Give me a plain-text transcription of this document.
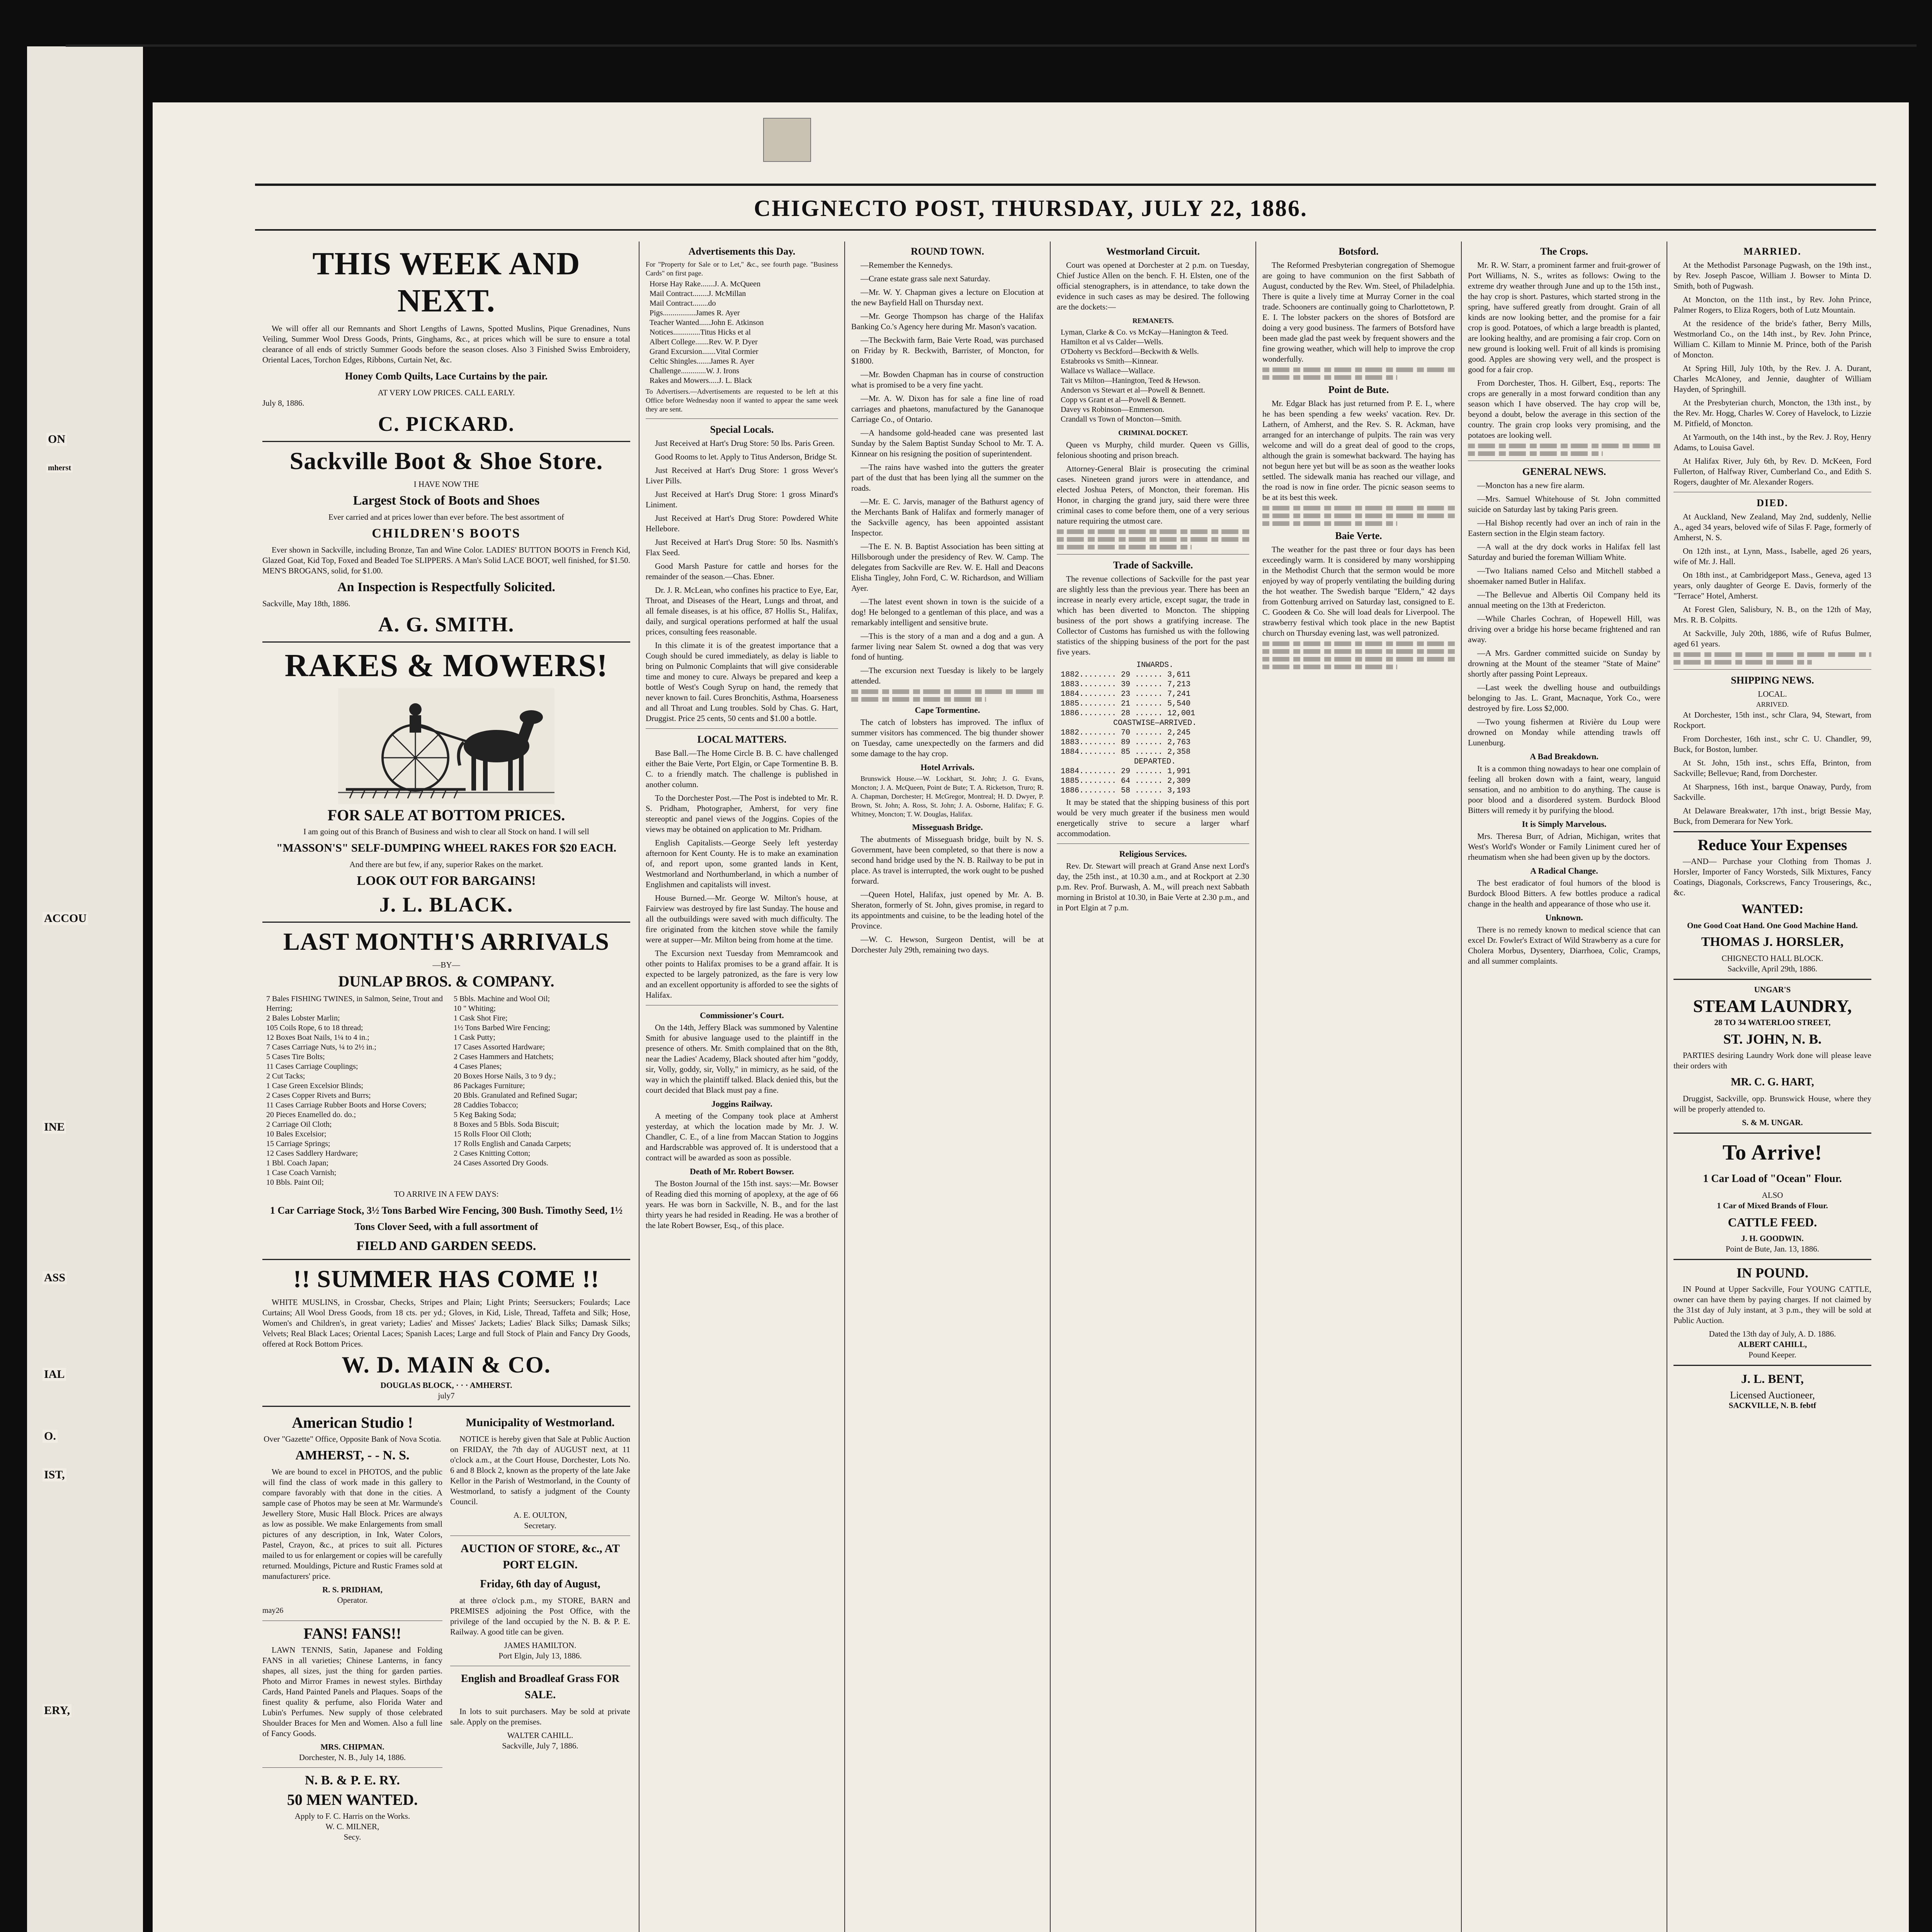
ON
mherst
ACCOU
INE
ASS
IAL
O.
IST,
ERY,
CHIGNECTO POST, THURSDAY, JULY 22, 1886.
THIS WEEK AND NEXT.

We will offer all our Remnants and Short Lengths of Lawns, Spotted Muslins, Pique Grenadines, Nuns Veiling, Summer Wool Dress Goods, Prints, Ginghams, &c., at prices which will be sure to ensure a total clearance of all ends of strictly Summer Goods before the season closes. Also 3 Finished Swiss Embroidery, Oriental Laces, Torchon Edges, Ribbons, Curtain Net, &c.

Honey Comb Quilts, Lace Curtains by the pair.
AT VERY LOW PRICES. CALL EARLY.
July 8, 1886.
C. PICKARD.
Sackville Boot & Shoe Store.
I HAVE NOW THE
Largest Stock of Boots and Shoes
Ever carried and at prices lower than ever before. The best assortment of
CHILDREN'S BOOTS

Ever shown in Sackville, including Bronze, Tan and Wine Color. LADIES' BUTTON BOOTS in French Kid, Glazed Goat, Kid Top, Foxed and Beaded Toe SLIPPERS. A Man's Solid LACE BOOT, well finished, for $1.50. MEN'S BROGANS, solid, for $1.00.

An Inspection is Respectfully Solicited.
Sackville, May 18th, 1886.
A. G. SMITH.
RAKES & MOWERS!
FOR SALE AT BOTTOM PRICES.
I am going out of this Branch of Business and wish to clear all Stock on hand. I will sell
"MASSON'S" SELF-DUMPING WHEEL RAKES FOR $20 EACH.
And there are but few, if any, superior Rakes on the market.
LOOK OUT FOR BARGAINS!
J. L. BLACK.
LAST MONTH'S ARRIVALS
—BY—
DUNLAP BROS. & COMPANY.
7 Bales FISHING TWINES, in Salmon, Seine, Trout and Herring;
2 Bales Lobster Marlin;
105 Coils Rope, 6 to 18 thread;
12 Boxes Boat Nails, 1¼ to 4 in.;
7 Cases Carriage Nuts, ¼ to 2½ in.;
5 Cases Tire Bolts;
11 Cases Carriage Couplings;
2 Cut Tacks;
1 Case Green Excelsior Blinds;
2 Cases Copper Rivets and Burrs;
11 Cases Carriage Rubber Boots and Horse Covers;
20 Pieces Enamelled do. do.;
2 Carriage Oil Cloth;
10 Bales Excelsior;
15 Carriage Springs;
12 Cases Saddlery Hardware;
1 Bbl. Coach Japan;
1 Case Coach Varnish;
10 Bbls. Paint Oil;
5 Bbls. Machine and Wool Oil;
10 " Whiting;
1 Cask Shot Fire;
1½ Tons Barbed Wire Fencing;
1 Cask Putty;
17 Cases Assorted Hardware;
2 Cases Hammers and Hatchets;
4 Cases Planes;
20 Boxes Horse Nails, 3 to 9 dy.;
86 Packages Furniture;
20 Bbls. Granulated and Refined Sugar;
28 Caddies Tobacco;
5 Keg Baking Soda;
8 Boxes and 5 Bbls. Soda Biscuit;
15 Rolls Floor Oil Cloth;
17 Rolls English and Canada Carpets;
2 Cases Knitting Cotton;
24 Cases Assorted Dry Goods.
TO ARRIVE IN A FEW DAYS:
1 Car Carriage Stock, 3½ Tons Barbed Wire Fencing, 300 Bush. Timothy Seed, 1½ Tons Clover Seed, with a full assortment of
FIELD AND GARDEN SEEDS.
!! SUMMER HAS COME !!

WHITE MUSLINS, in Crossbar, Checks, Stripes and Plain; Light Prints; Seersuckers; Foulards; Lace Curtains; All Wool Dress Goods, from 18 cts. per yd.; Gloves, in Kid, Lisle, Thread, Taffeta and Silk; Hose, Women's and Children's, in great variety; Ladies' and Misses' Jackets; Ladies' Black Silks; Damask Silks; Velvets; Real Black Laces; Oriental Laces; Spanish Laces; Large and full Stock of Plain and Fancy Dry Goods, offered at Rock Bottom Prices.

W. D. MAIN & CO.
DOUGLAS BLOCK, · · · AMHERST.
july7
American Studio !
Over "Gazette" Office, Opposite Bank of Nova Scotia.
AMHERST, - - N. S.

We are bound to excel in PHOTOS, and the public will find the class of work made in this gallery to compare favorably with that done in the cities. A sample case of Photos may be seen at Mr. Warmunde's Jewellery Store, Music Hall Block. Prices are always as low as possible. We make Enlargements from small pictures of any description, in Ink, Water Colors, Pastel, Crayon, &c., at prices to suit all. Pictures mailed to us for enlargement or copies will be carefully returned. Mouldings, Picture and Rustic Frames sold at manufacturers' price.

R. S. PRIDHAM,
Operator.
may26
FANS! FANS!!

LAWN TENNIS, Satin, Japanese and Folding FANS in all varieties; Chinese Lanterns, in fancy shapes, all sizes, just the thing for garden parties. Photo and Mirror Frames in newest styles. Birthday Cards, Hand Painted Panels and Plaques. Soaps of the finest quality & perfume, also Florida Water and Lubin's Perfumes. New supply of those celebrated Shoulder Braces for Men and Women. Also a full line of Fancy Goods.

MRS. CHIPMAN.
Dorchester, N. B., July 14, 1886.
N. B. & P. E. RY.
50 MEN WANTED.
Apply to F. C. Harris on the Works.
W. C. MILNER,
Secy.
Municipality of Westmorland.

NOTICE is hereby given that Sale at Public Auction on FRIDAY, the 7th day of AUGUST next, at 11 o'clock a.m., at the Court House, Dorchester, Lots No. 6 and 8 Block 2, known as the property of the late Jake Kellor in the Parish of Westmorland, in the County of Westmorland, to satisfy a judgment of the County Council.

A. E. OULTON,
Secretary.
AUCTION OF STORE, &c., AT PORT ELGIN.
Friday, 6th day of August,

at three o'clock p.m., my STORE, BARN and PREMISES adjoining the Post Office, with the privilege of the land occupied by the N. B. & P. E. Railway. A good title can be given.

JAMES HAMILTON.
Port Elgin, July 13, 1886.
English and Broadleaf Grass FOR SALE.

In lots to suit purchasers. May be sold at private sale. Apply on the premises.

WALTER CAHILL.
Sackville, July 7, 1886.
Advertisements this Day.
For "Property for Sale or to Let," &c., see fourth page. "Business Cards" on first page.
Horse Hay Rake.......J. A. McQueen
Mail Contract........J. McMillan
Mail Contract........do
Pigs.................James R. Ayer
Teacher Wanted......John E. Atkinson
Notices..............Titus Hicks et al
Albert College.......Rev. W. P. Dyer
Grand Excursion.......Vital Cormier
Celtic Shingles.......James R. Ayer
Challenge.............W. J. Irons
Rakes and Mowers.....J. L. Black
To Advertisers.—Advertisements are requested to be left at this Office before Wednesday noon if wanted to appear the same week they are sent.
Special Locals.

Just Received at Hart's Drug Store: 50 lbs. Paris Green.

Good Rooms to let. Apply to Titus Anderson, Bridge St.

Just Received at Hart's Drug Store: 1 gross Wever's Liver Pills.

Just Received at Hart's Drug Store: 1 gross Minard's Liniment.

Just Received at Hart's Drug Store: Powdered White Hellebore.

Just Received at Hart's Drug Store: 50 lbs. Nasmith's Flax Seed.

Good Marsh Pasture for cattle and horses for the remainder of the season.—Chas. Ebner.

Dr. J. R. McLean, who confines his practice to Eye, Ear, Throat, and Diseases of the Heart, Lungs and throat, and all female diseases, is at his office, 87 Hollis St., Halifax, daily, and surgical operations performed at half the usual prices, consulting fees reasonable.

In this climate it is of the greatest importance that a Cough should be cured immediately, as delay is liable to bring on Pulmonic Complaints that will give considerable time and money to cure. Always be prepared and keep a bottle of West's Cough Syrup on hand, the remedy that never known to fail. Cures Bronchitis, Asthma, Hoarseness and all Throat and Lung troubles. Sold by Chas. G. Hart, Druggist. Price 25 cents, 50 cents and $1.00 a bottle.

LOCAL MATTERS.

Base Ball.—The Home Circle B. B. C. have challenged either the Baie Verte, Port Elgin, or Cape Tormentine B. B. C. to a friendly match. The challenge is published in another column.

To the Dorchester Post.—The Post is indebted to Mr. R. S. Pridham, Photographer, Amherst, for very fine stereoptic and panel views of the Joggins. Copies of the views may be obtained on application to Mr. Pridham.

English Capitalists.—George Seely left yesterday afternoon for Kent County. He is to make an examination of, and report upon, some granted lands in Kent, Westmorland and Northumberland, in which a number of Englishmen and capitalists will invest.

House Burned.—Mr. George W. Milton's house, at Fairview was destroyed by fire last Sunday. The house and all the outbuildings were saved with much difficulty. The fire originated from the kitchen stove while the family were at supper—Mr. Milton being from home at the time.

The Excursion next Tuesday from Memramcook and other points to Halifax promises to be a grand affair. It is expected to be largely patronized, as the fare is very low and an excellent opportunity is afforded to see the sights of Halifax.

Commissioner's Court.

On the 14th, Jeffery Black was summoned by Valentine Smith for abusive language used to the plaintiff in the presence of others. Mr. Smith complained that on the 8th, near the Ladies' Academy, Black shouted after him "goddy, sir, Volly, goddy, sir, Volly," in mimicry, as he said, of the way in which the plaintiff talked. Black denied this, but the court decided that Black must pay a fine.

Joggins Railway.

A meeting of the Company took place at Amherst yesterday, at which the location made by Mr. J. W. Chandler, C. E., of a line from Maccan Station to Joggins and Hardscrabble was approved of. It is understood that a contract will be awarded as soon as possible.

Death of Mr. Robert Bowser.

The Boston Journal of the 15th inst. says:—Mr. Bowser of Reading died this morning of apoplexy, at the age of 66 years. He was born in Sackville, N. B., and for the last thirty years he had resided in Reading. He was a brother of the late Robert Bowser, Esq., of this place.

ROUND TOWN.

—Remember the Kennedys.

—Crane estate grass sale next Saturday.

—Mr. W. Y. Chapman gives a lecture on Elocution at the new Bayfield Hall on Thursday next.

—Mr. George Thompson has charge of the Halifax Banking Co.'s Agency here during Mr. Mason's vacation.

—The Beckwith farm, Baie Verte Road, was purchased on Friday by R. Beckwith, Barrister, of Moncton, for $1800.

—Mr. Bowden Chapman has in course of construction what is promised to be a very fine yacht.

—Mr. A. W. Dixon has for sale a fine line of road carriages and phaetons, manufactured by the Gananoque Carriage Co., of Ontario.

—A handsome gold-headed cane was presented last Sunday by the Salem Baptist Sunday School to Mr. T. A. Kinnear on his resigning the position of superintendent.

—The rains have washed into the gutters the greater part of the dust that has been lying all the summer on the roads.

—Mr. E. C. Jarvis, manager of the Bathurst agency of the Merchants Bank of Halifax and formerly manager of the Sackville agency, has been appointed assistant Inspector.

—The E. N. B. Baptist Association has been sitting at Hillsborough under the presidency of Rev. W. Camp. The delegates from Sackville are Rev. W. E. Hall and Deacons Elisha Tingley, John Ford, C. W. Richardson, and William Ayer.

—The latest event shown in town is the suicide of a dog! He belonged to a gentleman of this place, and was a remarkably intelligent and sensitive brute.

—This is the story of a man and a dog and a gun. A farmer living near Salem St. owned a dog that was very fond of hunting.

—The excursion next Tuesday is likely to be largely attended.

Cape Tormentine.

The catch of lobsters has improved. The influx of summer visitors has commenced. The big thunder shower on Tuesday, came unexpectedly on the farmers and did some damage to the hay crop.

Hotel Arrivals.

Brunswick House.—W. Lockhart, St. John; J. G. Evans, Moncton; J. A. McQueen, Point de Bute; T. A. Ricketson, Truro; R. A. Chapman, Dorchester; H. McGregor, Montreal; H. D. Dwyer, P. Brown, St. John; A. Ross, St. John; J. A. Osborne, Halifax; F. G. Whitney, Moncton; T. W. Douglas, Halifax.

Misseguash Bridge.

The abutments of Misseguash bridge, built by N. S. Government, have been completed, so that there is now a second hand bridge used by the N. B. Railway to be put in place. As travel is interrupted, the work ought to be pushed forward.

—Queen Hotel, Halifax, just opened by Mr. A. B. Sheraton, formerly of St. John, gives promise, in regard to its appointments and cuisine, to be the leading hotel of the Province.

—W. C. Hewson, Surgeon Dentist, will be at Dorchester July 29th, remaining two days.

Westmorland Circuit.

Court was opened at Dorchester at 2 p.m. on Tuesday, Chief Justice Allen on the bench. F. H. Elsten, one of the official stenographers, is in attendance, to take down the evidence in such cases as may be desired. The following are the dockets:—

REMANETS.
Lyman, Clarke & Co. vs McKay—Hanington & Teed.
Hamilton et al vs Calder—Wells.
O'Doherty vs Beckford—Beckwith & Wells.
Estabrooks vs Smith—Kinnear.
Wallace vs Wallace—Wallace.
Tait vs Milton—Hanington, Teed & Hewson.
Anderson vs Stewart et al—Powell & Bennett.
Copp vs Grant et al—Powell & Bennett.
Davey vs Robinson—Emmerson.
Crandall vs Town of Moncton—Smith.
CRIMINAL DOCKET.

Queen vs Murphy, child murder. Queen vs Gillis, felonious shooting and prison breach.

Attorney-General Blair is prosecuting the criminal cases. Nineteen grand jurors were in attendance, and elected Joshua Peters, of Moncton, their foreman. His Honor, in charging the grand jury, said there were three criminal cases to come before them, one of a very serious nature requiring the utmost care.

Trade of Sackville.

The revenue collections of Sackville for the past year are slightly less than the previous year. There has been an increase in nearly every article, except sugar, the trade in which has been diverted to Moncton. The shipping business of the port shows a gratifying increase. The Collector of Customs has furnished us with the following statistics of the shipping business of the port for the past five years.

INWARDS.
1882........ 29 ...... 3,611
1883........ 39 ...... 7,213
1884........ 23 ...... 7,241
1885........ 21 ...... 5,540
1886........ 28 ...... 12,001
COASTWISE—ARRIVED.
1882........ 70 ...... 2,245
1883........ 89 ...... 2,763
1884........ 85 ...... 2,358
DEPARTED.
1884........ 29 ...... 1,991
1885........ 64 ...... 2,309
1886........ 58 ...... 3,193

It may be stated that the shipping business of this port would be very much greater if the business men would energetically strive to secure a larger wharf accommodation.

Religious Services.

Rev. Dr. Stewart will preach at Grand Anse next Lord's day, the 25th inst., at 10.30 a.m., and at Rockport at 2.30 p.m. Rev. Prof. Burwash, A. M., will preach next Sabbath morning in Bristol at 10.30, in Baie Verte at 2.30 p.m., and in Port Elgin at 7 p.m.

Botsford.

The Reformed Presbyterian congregation of Shemogue are going to have communion on the first Sabbath of August, conducted by the Rev. Wm. Steel, of Philadelphia. There is quite a lively time at Murray Corner in the coal trade. Schooners are continually going to Charlottetown, P. E. I. The lobster packers on the shores of Botsford are doing a very good business. The farmers of Botsford have been made glad the past week by frequent showers and the fine growing weather, which will help to improve the crop wonderfully.

Point de Bute.

Mr. Edgar Black has just returned from P. E. I., where he has been spending a few weeks' vacation. Rev. Dr. Lathern, of Amherst, and the Rev. S. R. Ackman, have arranged for an interchange of pulpits. The rain was very welcome and will do a great deal of good to the crops, although the grain is somewhat backward. The haying has not begun here yet but will be as soon as the weather looks settled. The sidewalk mania has reached our village, and the road is now in fine order. The picnic season seems to be at its best this week.

Baie Verte.

The weather for the past three or four days has been exceedingly warm. It is considered by many worshipping in the Methodist Church that the sermon would be more enjoyed by way of properly ventilating the building during the hot weather. The Swedish barque "Eldern," 42 days from Gottenburg arrived on Saturday last, consigned to E. C. Goodeen & Co. She will load deals for Liverpool. The strawberry festival which took place in the new Baptist church on Thursday evening last, was well patronized.

The Crops.

Mr. R. W. Starr, a prominent farmer and fruit-grower of Port Williams, N. S., writes as follows: Owing to the extreme dry weather through June and up to the 15th inst., the hay crop is short. Pastures, which started strong in the spring, have suffered greatly from drought. Grain of all kinds are now looking better, and the promise for a fair crop is good. Potatoes, of which a large breadth is planted, are looking healthy, and are promising a fair crop. Corn on new ground is looking well. Fruit of all kinds is promising good. Apples are showing very well, and the prospect is good for a fair crop.

From Dorchester, Thos. H. Gilbert, Esq., reports: The crops are generally in a most forward condition than any season which I have observed. The hay crop will be, beyond a doubt, below the average in this section of the country. The grain crop looks very promising, and the potatoes are looking well.

GENERAL NEWS.

—Moncton has a new fire alarm.

—Mrs. Samuel Whitehouse of St. John committed suicide on Saturday last by taking Paris green.

—Hal Bishop recently had over an inch of rain in the Eastern section in the Elgin steam factory.

—A wall at the dry dock works in Halifax fell last Saturday and buried the foreman William White.

—Two Italians named Celso and Mitchell stabbed a shoemaker named Butler in Halifax.

—The Bellevue and Albertis Oil Company held its annual meeting on the 13th at Fredericton.

—While Charles Cochran, of Hopewell Hill, was driving over a bridge his horse became frightened and ran away.

—A Mrs. Gardner committed suicide on Sunday by drowning at the Mount of the steamer "State of Maine" shortly after passing Point Lepreaux.

—Last week the dwelling house and outbuildings belonging to Jas. L. Grant, Macnaque, York Co., were destroyed by fire. Loss $2,000.

—Two young fishermen at Rivière du Loup were drowned on Monday while attending trawls off Lunenburg.

A Bad Breakdown.

It is a common thing nowadays to hear one complain of feeling all broken down with a faint, weary, languid sensation, and no ambition to do anything. The cause is poor blood and a disordered system. Burdock Blood Bitters will remedy it by purifying the blood.

It is Simply Marvelous.

Mrs. Theresa Burr, of Adrian, Michigan, writes that West's World's Wonder or Family Liniment cured her of rheumatism when she had been given up by the doctors.

A Radical Change.

The best eradicator of foul humors of the blood is Burdock Blood Bitters. A few bottles produce a radical change in the health and appearance of those who use it.

Unknown.

There is no remedy known to medical science that can excel Dr. Fowler's Extract of Wild Strawberry as a cure for Cholera Morbus, Dysentery, Diarrhoea, Colic, Cramps, and all summer complaints.

MARRIED.

At the Methodist Parsonage Pugwash, on the 19th inst., by Rev. Joseph Pascoe, William J. Bowser to Minta D. Smith, both of Pugwash.

At Moncton, on the 11th inst., by Rev. John Prince, Palmer Rogers, to Eliza Rogers, both of Lutz Mountain.

At the residence of the bride's father, Berry Mills, Westmorland Co., on the 14th inst., by Rev. John Prince, William C. Killam to Minnie M. Prince, both of the Parish of Moncton.

At Spring Hill, July 10th, by the Rev. J. A. Durant, Charles McAloney, and Jennie, daughter of William Hayden, of Springhill.

At the Presbyterian church, Moncton, the 13th inst., by the Rev. Mr. Hogg, Charles W. Corey of Havelock, to Lizzie M. Pitfield, of Moncton.

At Yarmouth, on the 14th inst., by the Rev. J. Roy, Henry Adams, to Louisa Gavel.

At Halifax River, July 6th, by Rev. D. McKeen, Ford Fullerton, of Halfway River, Cumberland Co., and Edith S. Rogers, daughter of Mr. Alexander Rogers.

DIED.

At Auckland, New Zealand, May 2nd, suddenly, Nellie A., aged 34 years, beloved wife of Silas F. Page, formerly of Amherst, N. S.

On 12th inst., at Lynn, Mass., Isabelle, aged 26 years, wife of Mr. J. Hall.

On 18th inst., at Cambridgeport Mass., Geneva, aged 13 years, only daughter of George E. Davis, formerly of the "Terrace" Hotel, Amherst.

At Forest Glen, Salisbury, N. B., on the 12th of May, Mrs. R. B. Colpitts.

At Sackville, July 20th, 1886, wife of Rufus Bulmer, aged 61 years.

SHIPPING NEWS.
LOCAL.
ARRIVED.

At Dorchester, 15th inst., schr Clara, 94, Stewart, from Rockport.

From Dorchester, 16th inst., schr C. U. Chandler, 99, Buck, for Boston, lumber.

At St. John, 15th inst., schrs Effa, Brinton, from Sackville; Bellevue; Rand, from Dorchester.

At Sharpness, 16th inst., barque Onaway, Purdy, from Sackville.

At Delaware Breakwater, 17th inst., brigt Bessie May, Buck, from Demerara for New York.

Reduce Your Expenses

—AND— Purchase your Clothing from Thomas J. Horsler, Importer of Fancy Worsteds, Silk Mixtures, Fancy Coatings, Diagonals, Corkscrews, Fancy Trouserings, &c., &c.

WANTED:
One Good Coat Hand. One Good Machine Hand.
THOMAS J. HORSLER,
CHIGNECTO HALL BLOCK.
Sackville, April 29th, 1886.
UNGAR'S
STEAM LAUNDRY,
28 TO 34 WATERLOO STREET,
ST. JOHN, N. B.

PARTIES desiring Laundry Work done will please leave their orders with

MR. C. G. HART,

Druggist, Sackville, opp. Brunswick House, where they will be properly attended to.

S. & M. UNGAR.
To Arrive!
1 Car Load of "Ocean" Flour.
ALSO
1 Car of Mixed Brands of Flour.
CATTLE FEED.
J. H. GOODWIN.
Point de Bute, Jan. 13, 1886.
IN POUND.

IN Pound at Upper Sackville, Four YOUNG CATTLE, owner can have them by paying charges. If not claimed by the 31st day of July instant, at 3 p.m., they will be sold at Public Auction.

Dated the 13th day of July, A. D. 1886.
ALBERT CAHILL,
Pound Keeper.
J. L. BENT,
Licensed Auctioneer,
SACKVILLE, N. B. febtf
